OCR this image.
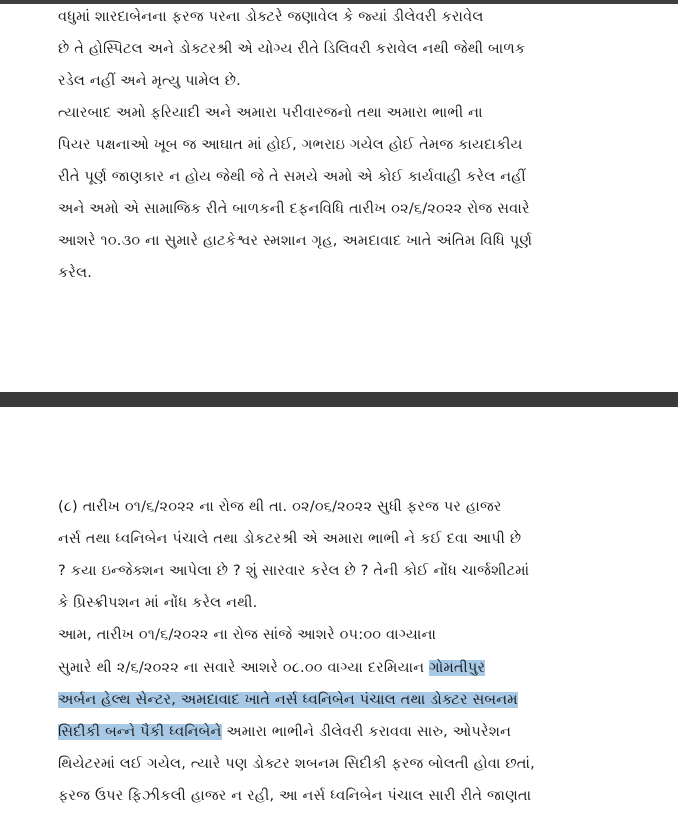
વધુમાં શારદાબેનના ફરજ પરના ડોક્ટરે જણાવેલ કે જ્યાં ડીલેવરી કરાવેલ
છે તે હોસ્પિટલ અને ડોક્ટરશ્રી એ યોગ્ય રીતે ડિલિવરી કરાવેલ નથી જેથી બાળક
રડેલ નહીં અને મૃત્યુ પામેલ છે.
ત્યારબાદ અમો ફરિયાદી અને અમારા પરીવારજનો તથા અમારા ભાભી ના
પિયર પક્ષનાઓ ખૂબ જ આઘાત માં હોઈ, ગભરાઇ ગયેલ હોઈ તેમજ કાયદાકીય
રીતે પૂર્ણ જાણકાર ન હોય જેથી જે તે સમયે અમો એ કોઈ કાર્યવાહી કરેલ નહીં
અને અમો એ સામાજિક રીતે બાળકની દફનવિધિ તારીખ ૦૨/૬/૨૦૨૨ રોજ સવારે
આશરે ૧૦.૩૦ ના સુમારે હાટકેશ્વર સ્મશાન ગૃહ, અમદાવાદ ખાતે અંતિમ વિધિ પૂર્ણ
કરેલ.
(૮) તારીખ ૦૧/૬/૨૦૨૨ ના રોજ થી તા. ૦૨/૦૬/૨૦૨૨ સુધી ફરજ પર હાજર
નર્સ તથા ધ્વનિબેન પંચાલે તથા ડોકટરશ્રી એ અમારા ભાભી ને કઈ દવા આપી છે
? કયા ઇન્જેક્શન આપેલા છે ? શું સારવાર કરેલ છે ? તેની કોઈ નોંધ ચાર્જશીટમાં
કે પ્રિસ્ક્રીપશન માં નોંધ કરેલ નથી.
આમ, તારીખ ૦૧/૬/૨૦૨૨ ના રોજ સાંજે આશરે ૦૫:૦૦ વાગ્યાના
સુમારે થી ૨/૬/૨૦૨૨ ના સવારે આશરે ૦૮.૦૦ વાગ્યા દરમિયાન ગોમતીપુર
અર્બન હેલ્થ સેન્ટર, અમદાવાદ ખાતે નર્સ ધ્વનિબેન પંચાલ તથા ડોક્ટર સબનમ
સિદીકી બન્ને પૈકી ધ્વનિબેને અમારા ભાભીને ડીલેવરી કરાવવા સારુ, ઓપરેશન
થિયેટરમાં લઈ ગયેલ, ત્યારે પણ ડોક્ટર શબનમ સિદીકી ફરજ બોલતી હોવા છતાં,
ફરજ ઉપર ફિઝીકલી હાજર ન રહી, આ નર્સ ધ્વનિબેન પંચાલ સારી રીતે જાણતા
